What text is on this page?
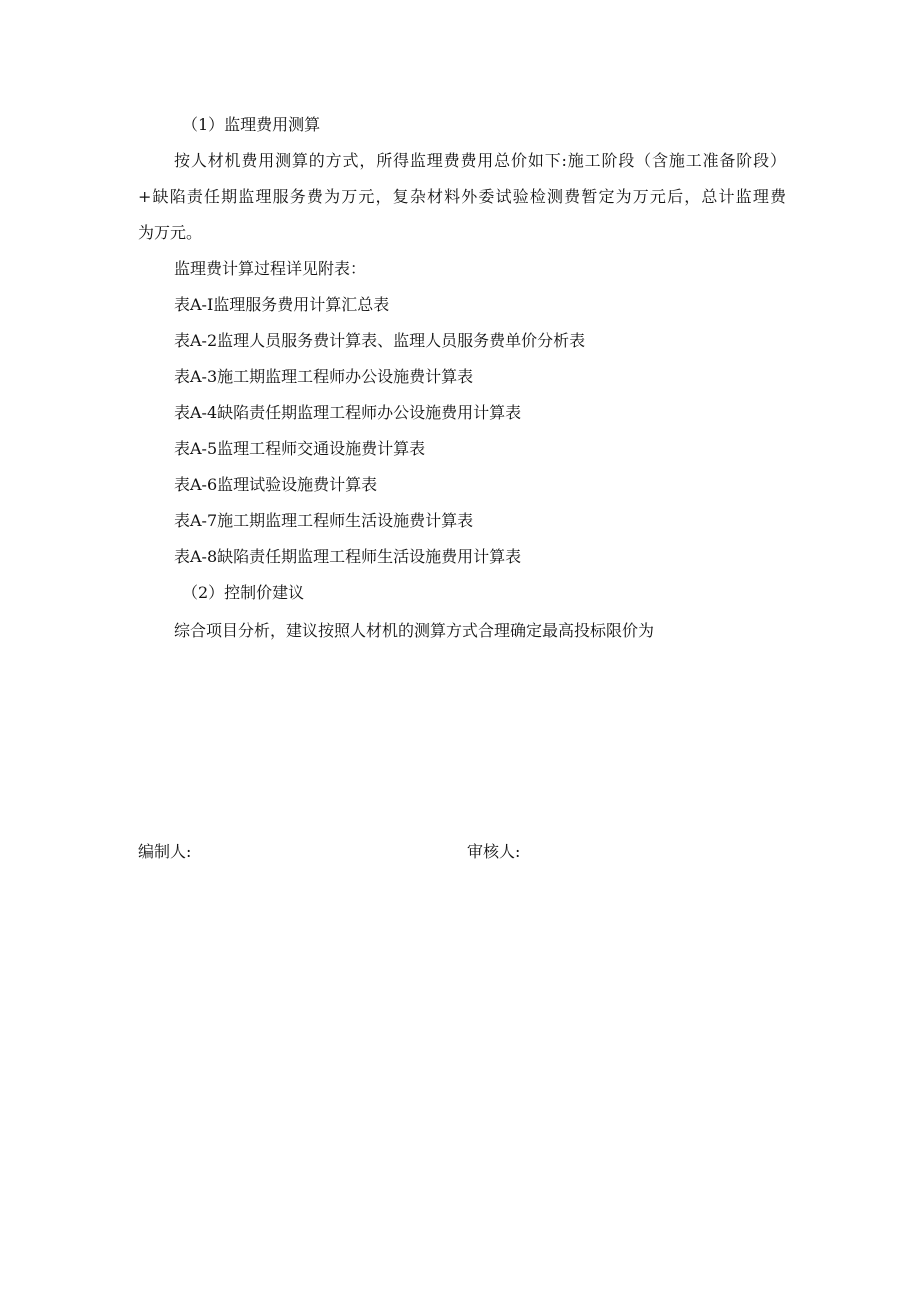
（1）监理费用测算
按人材机费用测算的方式，所得监理费费用总价如下:施工阶段（含施工准备阶段）
+缺陷责任期监理服务费为万元，复杂材料外委试验检测费暂定为万元后，总计监理费
为万元。
监理费计算过程详见附表：
表A-I监理服务费用计算汇总表
表A-2监理人员服务费计算表、监理人员服务费单价分析表
表A-3施工期监理工程师办公设施费计算表
表A-4缺陷责任期监理工程师办公设施费用计算表
表A-5监理工程师交通设施费计算表
表A-6监理试验设施费计算表
表A-7施工期监理工程师生活设施费计算表
表A-8缺陷责任期监理工程师生活设施费用计算表
（2）控制价建议
综合项目分析，建议按照人材机的测算方式合理确定最高投标限价为
编制人:	审核人:
